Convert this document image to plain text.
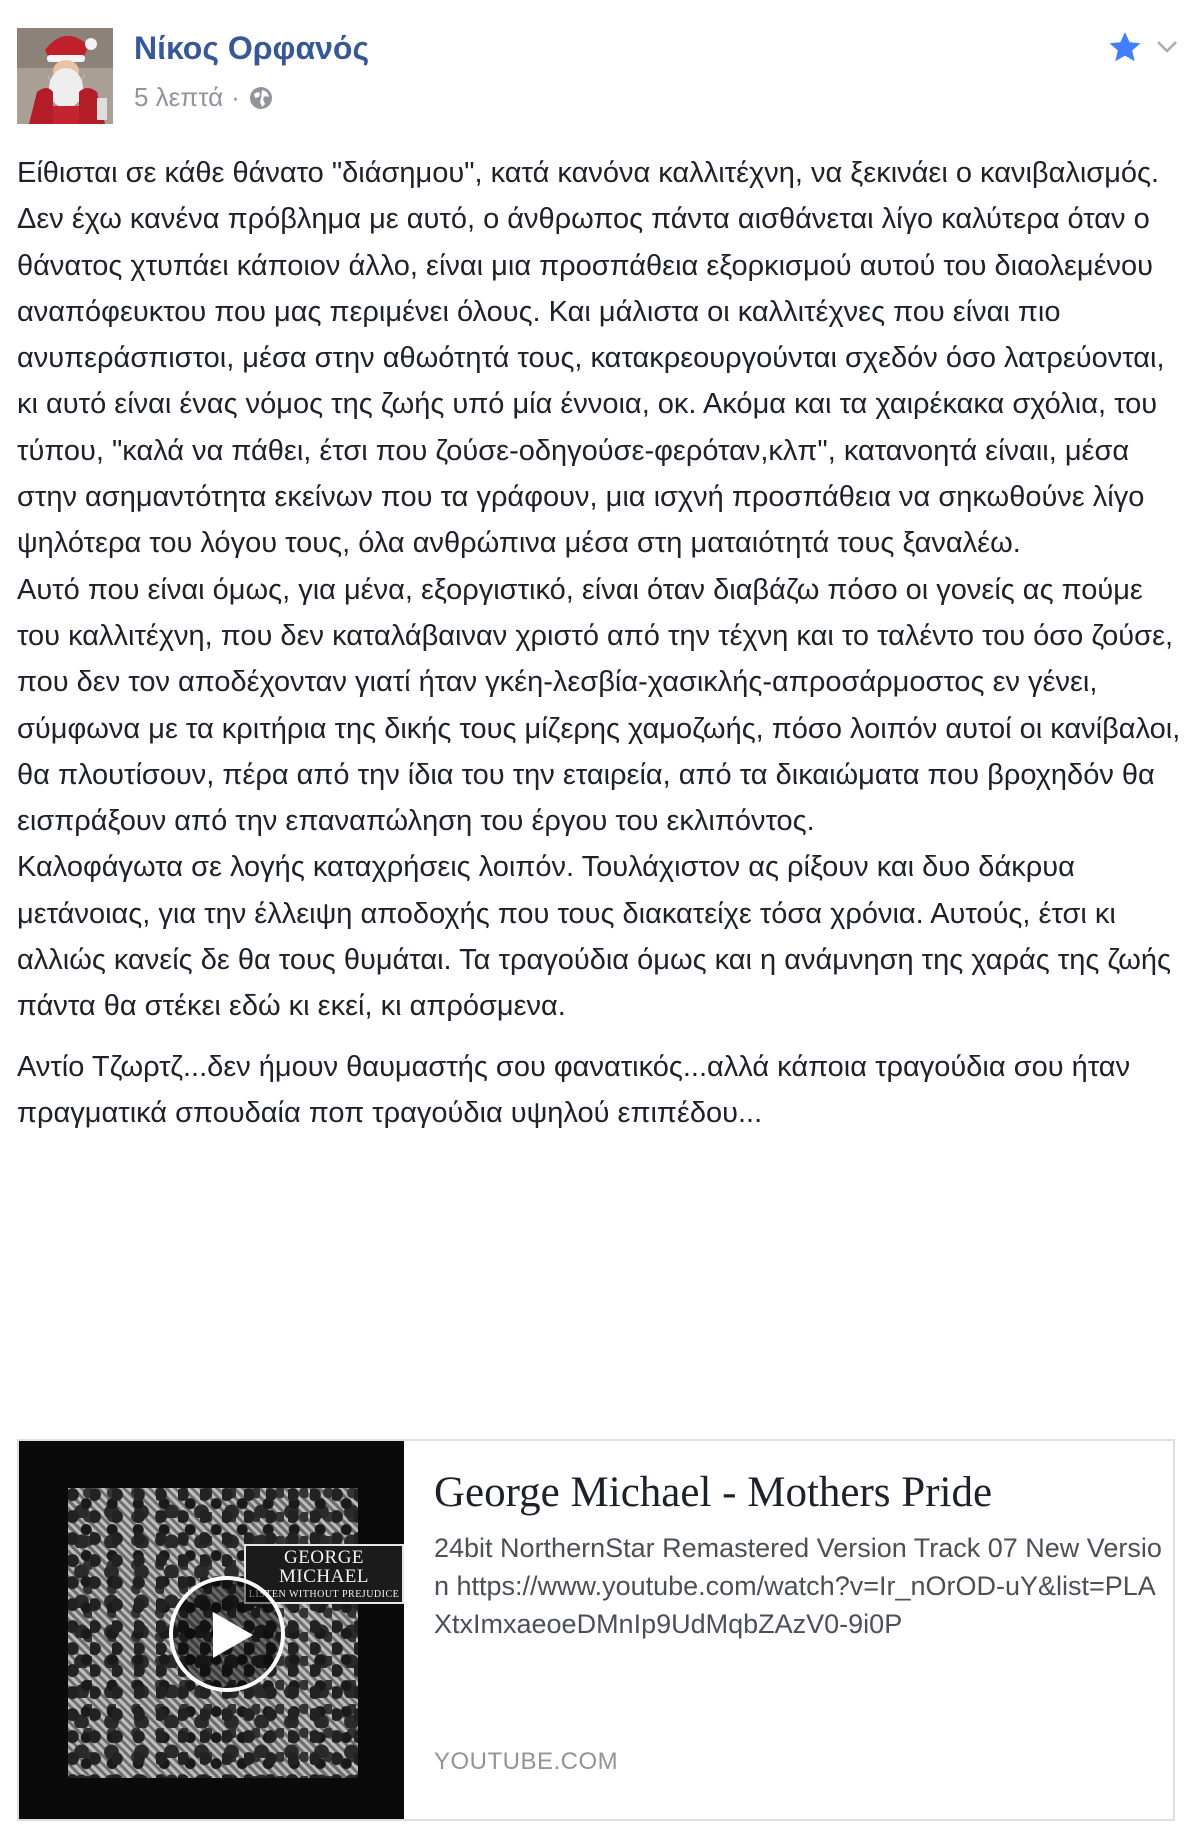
Νίκος Ορφανός
5 λεπτά ·

Είθισται σε κάθε θάνατο "διάσημου", κατά κανόνα καλλιτέχνη, να ξεκινάει ο κανιβαλισμός. Δεν έχω κανένα πρόβλημα με αυτό, ο άνθρωπος πάντα αισθάνεται λίγο καλύτερα όταν ο θάνατος χτυπάει κάποιον άλλο, είναι μια προσπάθεια εξορκισμού αυτού του διαολεμένου αναπόφευκτου που μας περιμένει όλους. Και μάλιστα οι καλλιτέχνες που είναι πιο ανυπεράσπιστοι, μέσα στην αθωότητά τους, κατακρεουργούνται σχεδόν όσο λατρεύονται, κι αυτό είναι ένας νόμος της ζωής υπό μία έννοια, οκ. Ακόμα και τα χαιρέκακα σχόλια, του τύπου, "καλά να πάθει, έτσι που ζούσε-οδηγούσε-φερόταν,κλπ", κατανοητά είναιι, μέσα στην ασημαντότητα εκείνων που τα γράφουν, μια ισχνή προσπάθεια να σηκωθούνε λίγο ψηλότερα του λόγου τους, όλα ανθρώπινα μέσα στη ματαιότητά τους ξαναλέω.

Αυτό που είναι όμως, για μένα, εξοργιστικό, είναι όταν διαβάζω πόσο οι γονείς ας πούμε του καλλιτέχνη, που δεν καταλάβαιναν χριστό από την τέχνη και το ταλέντο του όσο ζούσε, που δεν τον αποδέχονταν γιατί ήταν γκέη-λεσβία-χασικλής-απροσάρμοστος εν γένει, σύμφωνα με τα κριτήρια της δικής τους μίζερης χαμοζωής, πόσο λοιπόν αυτοί οι κανίβαλοι, θα πλουτίσουν, πέρα από την ίδια του την εταιρεία, από τα δικαιώματα που βροχηδόν θα εισπράξουν από την επαναπώληση του έργου του εκλιπόντος.

Καλοφάγωτα σε λογής καταχρήσεις λοιπόν. Τουλάχιστον ας ρίξουν και δυο δάκρυα μετάνοιας, για την έλλειψη αποδοχής που τους διακατείχε τόσα χρόνια. Αυτούς, έτσι κι αλλιώς κανείς δε θα τους θυμάται. Τα τραγούδια όμως και η ανάμνηση της χαράς της ζωής πάντα θα στέκει εδώ κι εκεί, κι απρόσμενα.

Αντίο Τζωρτζ...δεν ήμουν θαυμαστής σου φανατικός...αλλά κάποια τραγούδια σου ήταν πραγματικά σπουδαία ποπ τραγούδια υψηλού επιπέδου...

GEORGE MICHAEL
LISTEN WITHOUT PREJUDICE
George Michael - Mothers Pride
24bit NorthernStar Remastered Version Track 07 New Version https://www.youtube.com/watch?v=Ir_nOrOD-uY&list=PLAXtxImxaeoeDMnIp9UdMqbZAzV0-9i0P
YOUTUBE.COM
